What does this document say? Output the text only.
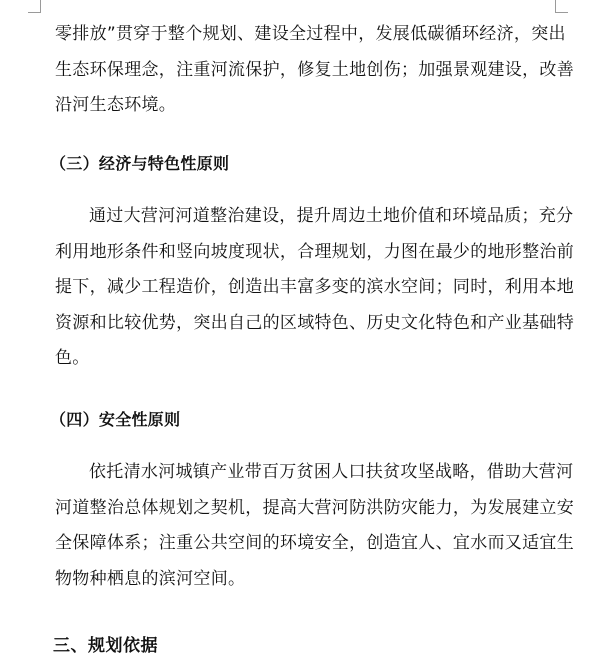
零排放”贯穿于整个规划、建设全过程中，发展低碳循环经济，突出
生态环保理念，注重河流保护，修复土地创伤；加强景观建设，改善
沿河生态环境。
（三）经济与特色性原则
通过大营河河道整治建设，提升周边土地价值和环境品质；充分
利用地形条件和竖向坡度现状，合理规划，力图在最少的地形整治前
提下，减少工程造价，创造出丰富多变的滨水空间；同时，利用本地
资源和比较优势，突出自己的区域特色、历史文化特色和产业基础特
色。
（四）安全性原则
依托清水河城镇产业带百万贫困人口扶贫攻坚战略，借助大营河
河道整治总体规划之契机，提高大营河防洪防灾能力，为发展建立安
全保障体系；注重公共空间的环境安全，创造宜人、宜水而又适宜生
物物种栖息的滨河空间。
三、规划依据
